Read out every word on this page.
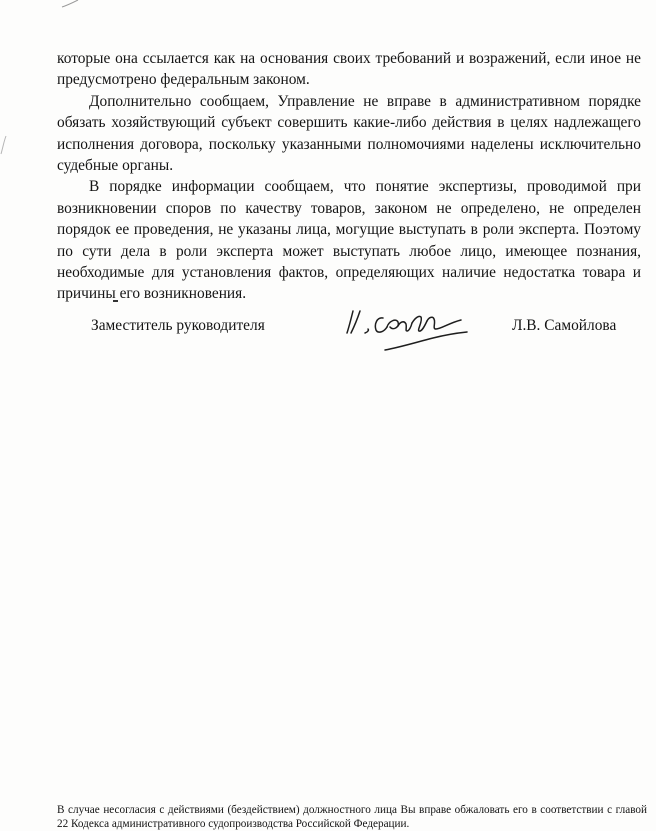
которые она ссылается как на основания своих требований и возражений, если иное не предусмотрено федеральным законом.

Дополнительно сообщаем, Управление не вправе в административном порядке обязать хозяйствующий субъект совершить какие-либо действия в целях надлежащего исполнения договора, поскольку указанными полномочиями наделены исключительно судебные органы.

В порядке информации сообщаем, что понятие экспертизы, проводимой при возникновении споров по качеству товаров, законом не определено, не определен порядок ее проведения, не указаны лица, могущие выступать в роли эксперта. Поэтому по сути дела в роли эксперта может выступать любое лицо, имеющее познания, необходимые для установления фактов, определяющих наличие недостатка товара и причины его возникновения.

Заместитель руководителя	Л.В. Самойлова

В случае несогласия с действиями (бездействием) должностного лица Вы вправе обжаловать его в соответствии с главой 22 Кодекса административного судопроизводства Российской Федерации.
